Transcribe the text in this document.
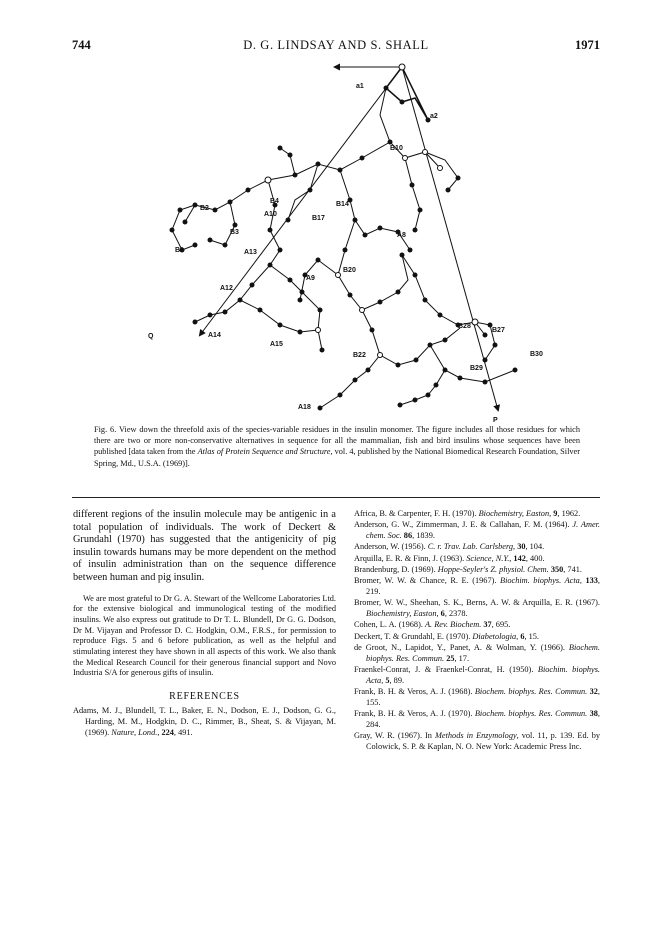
744	D. G. LINDSAY AND S. SHALL	1971
a1
a2
B10
B2
B4
A10
B14
B17
A8
B3
B1	A13
B20
A9
A12
Q	A14
A15
B28
B27
B30
B22
B29
A18
P
Fig. 6. View down the threefold axis of the species-variable residues in the insulin monomer. The figure includes all those residues for which there are two or more non-conservative alternatives in sequence for all the mammalian, fish and bird insulins whose sequences have been published [data taken from the Atlas of Protein Sequence and Structure, vol. 4, published by the National Biomedical Research Foundation, Silver Spring, Md., U.S.A. (1969)].

different regions of the insulin molecule may be antigenic in a total population of individuals. The work of Deckert & Grundahl (1970) has suggested that the antigenicity of pig insulin towards humans may be more dependent on the method of insulin administration than on the sequence difference between human and pig insulin.

We are most grateful to Dr G. A. Stewart of the Wellcome Laboratories Ltd. for the extensive biological and immunological testing of the modified insulins. We also express out gratitude to Dr T. L. Blundell, Dr G. G. Dodson, Dr M. Vijayan and Professor D. C. Hodgkin, O.M., F.R.S., for permission to reproduce Figs. 5 and 6 before publication, as well as the helpful and stimulating interest they have shown in all aspects of this work. We also thank the Medical Research Council for their generous financial support and Novo Industria S/A for generous gifts of insulin.

REFERENCES

Adams, M. J., Blundell, T. L., Baker, E. N., Dodson, E. J., Dodson, G. G., Harding, M. M., Hodgkin, D. C., Rimmer, B., Sheat, S. & Vijayan, M. (1969). Nature, Lond., 224, 491.

Africa, B. & Carpenter, F. H. (1970). Biochemistry, Easton, 9, 1962.

Anderson, G. W., Zimmerman, J. E. & Callahan, F. M. (1964). J. Amer. chem. Soc. 86, 1839.

Anderson, W. (1956). C. r. Trav. Lab. Carlsberg, 30, 104.

Arquilla, E. R. & Finn, J. (1963). Science, N.Y., 142, 400.

Brandenburg, D. (1969). Hoppe-Seyler's Z. physiol. Chem. 350, 741.

Bromer, W. W. & Chance, R. E. (1967). Biochim. biophys. Acta, 133, 219.

Bromer, W. W., Sheehan, S. K., Berns, A. W. & Arquilla, E. R. (1967). Biochemistry, Easton, 6, 2378.

Cohen, L. A. (1968). A. Rev. Biochem. 37, 695.

Deckert, T. & Grundahl, E. (1970). Diabetologia, 6, 15.

de Groot, N., Lapidot, Y., Panet, A. & Wolman, Y. (1966). Biochem. biophys. Res. Commun. 25, 17.

Fraenkel-Conrat, J. & Fraenkel-Conrat, H. (1950). Biochim. biophys. Acta, 5, 89.

Frank, B. H. & Veros, A. J. (1968). Biochem. biophys. Res. Commun. 32, 155.

Frank, B. H. & Veros, A. J. (1970). Biochem. biophys. Res. Commun. 38, 284.

Gray, W. R. (1967). In Methods in Enzymology, vol. 11, p. 139. Ed. by Colowick, S. P. & Kaplan, N. O. New York: Academic Press Inc.
